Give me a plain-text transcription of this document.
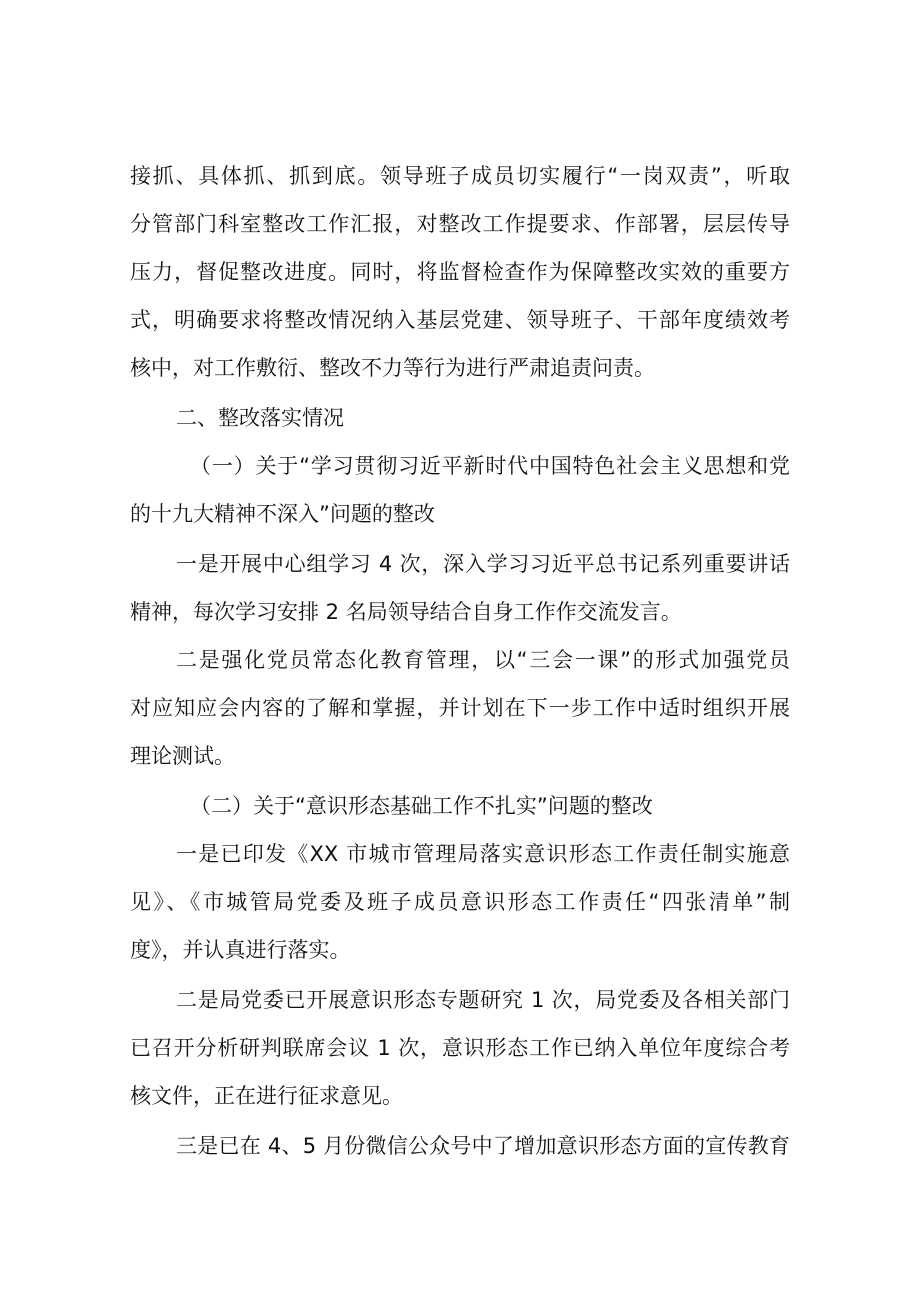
接抓、具体抓、抓到底。领导班子成员切实履行“一岗双责”，听取
分管部门科室整改工作汇报，对整改工作提要求、作部署，层层传导
压力，督促整改进度。同时，将监督检查作为保障整改实效的重要方
式，明确要求将整改情况纳入基层党建、领导班子、干部年度绩效考
核中，对工作敷衍、整改不力等行为进行严肃追责问责。
二、整改落实情况
（一）关于“学习贯彻习近平新时代中国特色社会主义思想和党
的十九大精神不深入”问题的整改
一是开展中心组学习 4 次，深入学习习近平总书记系列重要讲话
精神，每次学习安排 2 名局领导结合自身工作作交流发言。
二是强化党员常态化教育管理，以“三会一课”的形式加强党员
对应知应会内容的了解和掌握，并计划在下一步工作中适时组织开展
理论测试。
（二）关于“意识形态基础工作不扎实”问题的整改
一是已印发《XX 市城市管理局落实意识形态工作责任制实施意
见》、《市城管局党委及班子成员意识形态工作责任“四张清单”制
度》，并认真进行落实。
二是局党委已开展意识形态专题研究 1 次，局党委及各相关部门
已召开分析研判联席会议 1 次，意识形态工作已纳入单位年度综合考
核文件，正在进行征求意见。
三是已在 4、5 月份微信公众号中了增加意识形态方面的宣传教育
